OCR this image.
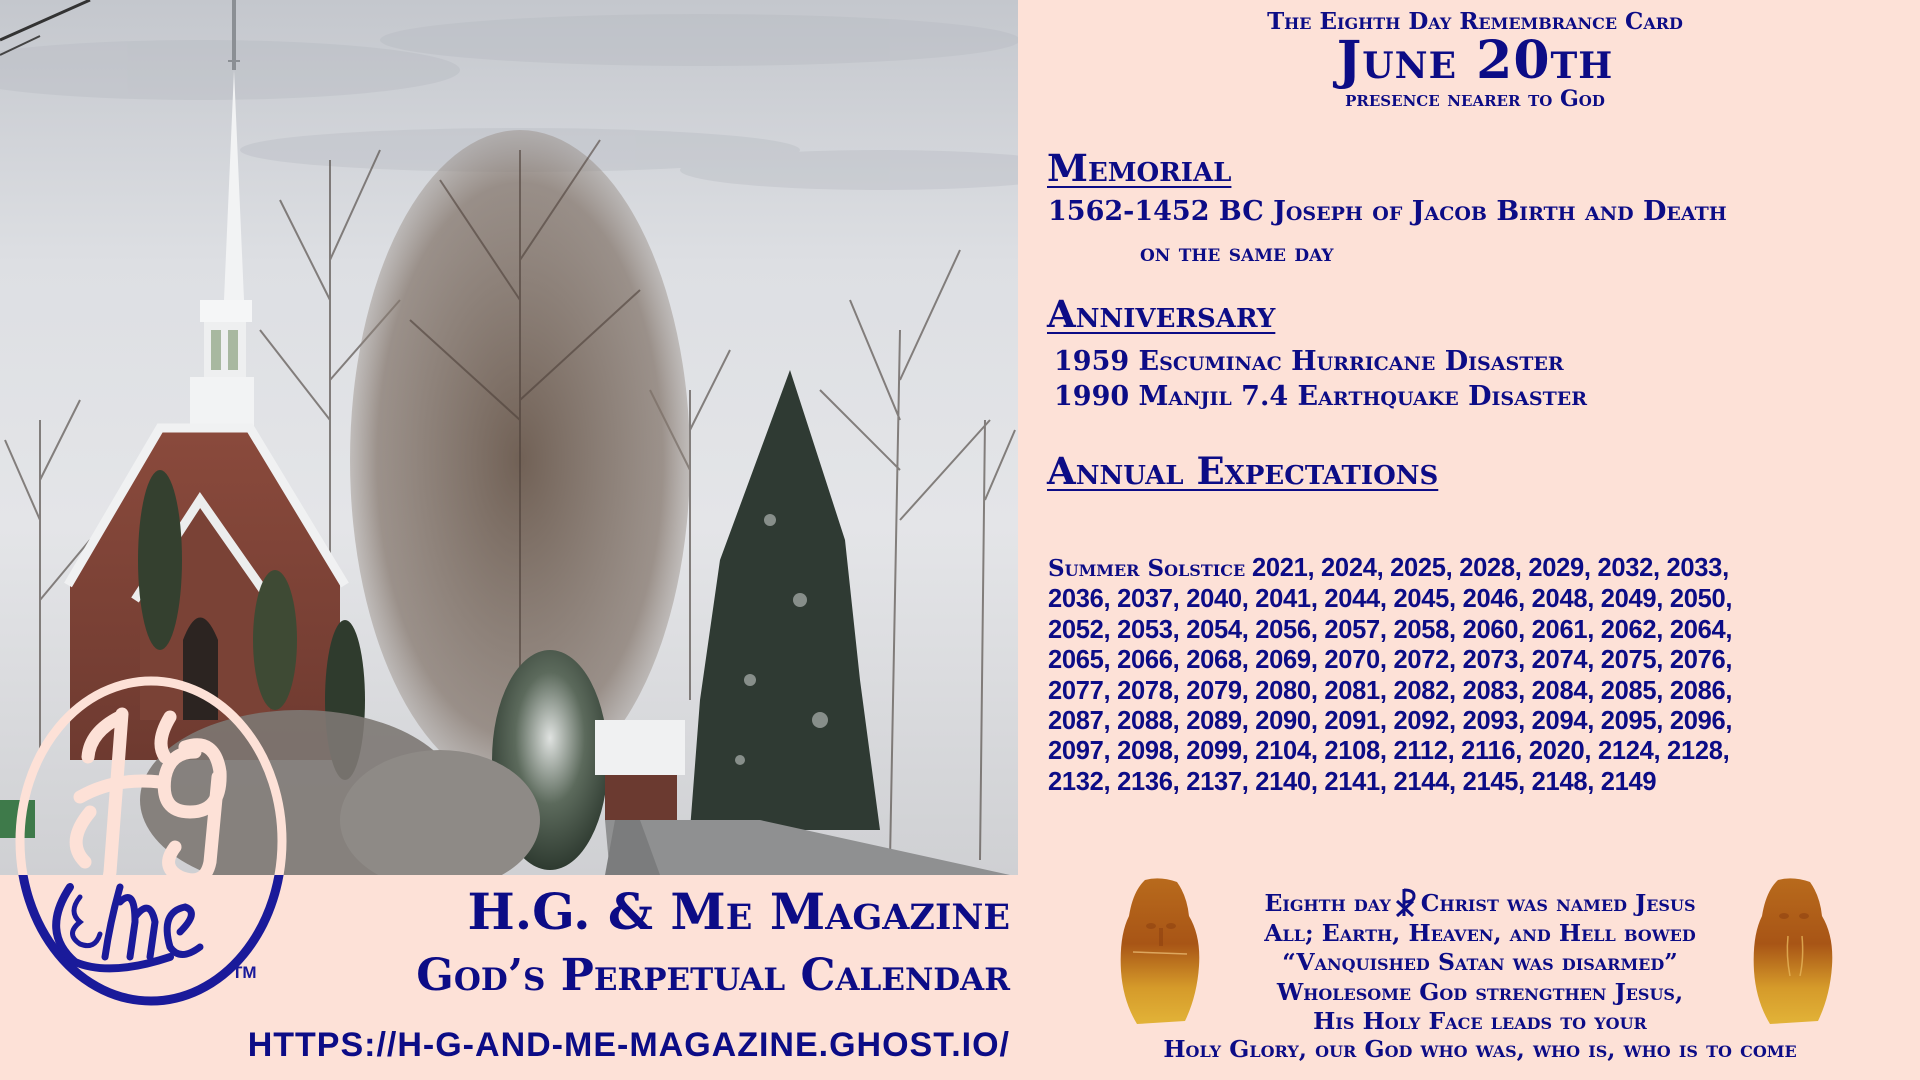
TM
The Eighth Day Remembrance Card
June 20th
presence nearer to God
Memorial
1562-1452 BC Joseph of Jacob Birth and Death
on the same day
Anniversary
1959 Escuminac Hurricane Disaster
1990 Manjil 7.4 Earthquake Disaster
Annual Expectations
Summer Solstice 2021, 2024, 2025, 2028, 2029, 2032, 2033,
2036, 2037, 2040, 2041, 2044, 2045, 2046, 2048, 2049, 2050,
2052, 2053, 2054, 2056, 2057, 2058, 2060, 2061, 2062, 2064,
2065, 2066, 2068, 2069, 2070, 2072, 2073, 2074, 2075, 2076,
2077, 2078, 2079, 2080, 2081, 2082, 2083, 2084, 2085, 2086,
2087, 2088, 2089, 2090, 2091, 2092, 2093, 2094, 2095, 2096,
2097, 2098, 2099, 2104, 2108, 2112, 2116, 2020, 2124, 2128,
2132, 2136, 2137, 2140, 2141, 2144, 2145, 2148, 2149
Eighth day Christ was named Jesus
All; Earth, Heaven, and Hell bowed
“Vanquished Satan was disarmed”
Wholesome God strengthen Jesus,
His Holy Face leads to your
Holy Glory, our God who was, who is, who is to come
H.G. & Me Magazine
God’s Perpetual Calendar
HTTPS://H-G-AND-ME-MAGAZINE.GHOST.IO/
